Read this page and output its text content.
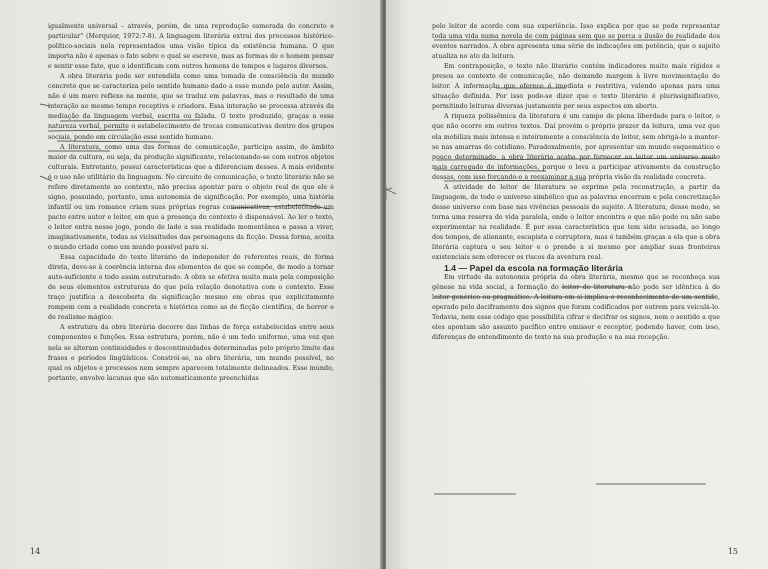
igualmente universal – através, porém, de uma reprodução esmerada do concreto e particular" (Merquior, 1972:7-8). A linguagem literária extrai dos processos histórico-político-sociais nela representados uma visão típica da existência humana. O que importa não é apenas o fato sobre o qual se escreve, mas as formas de o homem pensar e sentir esse fato, que o identificam com outros homens de tempos e lugares diversos.

A obra literária pode ser entendida como uma tomada de consciência do mundo concreto que se caracteriza pelo sentido humano dado a esse mundo pelo autor. Assim, não é um mero reflexo na mente, que se traduz em palavras, mas o resultado de uma interação ao mesmo tempo receptiva e criadora. Essa interação se processa através da mediação da linguagem verbal, escrita ou falada. O texto produzido, graças a essa natureza verbal, permite o estabelecimento de trocas comunicativas dentro dos grupos sociais, pondo em circulação esse sentido humano.

A literatura, como uma das formas de comunicação, participa assim, do âmbito maior da cultura, ou seja, da produção significante, relacionando-se com outros objetos culturais. Entretanto, possui características que a diferenciam desses. A mais evidente é o uso não utilitário da linguagem. No circuito de comunicação, o texto literário não se refere diretamente ao contexto, não precisa apontar para o objeto real de que ele é signo, possuindo, portanto, uma autonomia de significação. Por exemplo, uma história infantil ou um romance criam suas próprias regras comunicativas, estabelecendo um pacto entre autor e leitor, em que a presença do contexto é dispensável. Ao ler o texto, o leitor entra nesse jogo, pondo de lado a sua realidade momentânea e passa a viver, imaginativamente, todas as vicissitudes das personagens da ficção. Dessa forma, aceita o mundo criado como um mundo possível para si.

Essa capacidade do texto literário de independer de referentes reais, de forma direta, deve-se à coerência interna dos elementos de que se compõe, de modo a tornar auto-suficiente o todo assim estruturado. A obra se efetiva muito mais pela composição de seus elementos estruturais do que pela relação denotativa com o contexto. Esse traço justifica a descoberta da significação mesmo em obras que explicitamente rompem com a realidade concreta e histórica como as de ficção científica, de horror e de realismo mágico.

A estrutura da obra literária decorre das linhas de força estabelecidas entre seus componentes e funções. Essa estrutura, porém, não é um todo uniforme, uma vez que nela se alteram continuidades e descontinuidades determinadas pelo próprio limite das frases e períodos lingüísticos. Constrói-se, na obra literária, um mundo possível, no qual os objetos e processos nem sempre aparecem totalmente delineados. Esse mundo, portanto, envolve lacunas que são automaticamente preenchidas

14

pelo leitor de acordo com sua experiência. Isso explica por que se pode representar toda uma vida numa novela de com páginas sem que se perca a ilusão de realidade dos eventos narrados. A obra apresenta uma série de indicações em potência, que o sujeito atualiza no ato da leitura.

Em contraposição, o texto não literário contém indicadores muito mais rígidos e presos ao contexto de comunicação, não deixando margem à livre movimentação do leitor. A informação que oferece é imediata e restritiva, valendo apenas para uma situação definida. Por isso pode-se dizer que o texto literário é plurissignificativo, permitindo leituras diversas justamente por seus aspectos em aberto.

A riqueza polissêmica da literatura é um campo de plena liberdade para o leitor, o que não ocorre em outros textos. Daí provém o próprio prazer da leitura, uma vez que ela mobiliza mais intensa e inteiramente a consciência do leitor, sem obrigá-lo a manter-se nas amarras do cotidiano. Paradoxalmente, por apresentar um mundo esquemático e pouco determinado, a obra literária acaba por fornecer ao leitor um universo muito mais carregado de informações, porque o leva a participar ativamente da construção dessas, com isso forçando-o a reexaminar a sua própria visão da realidade concreta.

A atividade do leitor de literatura se exprime pela reconstrução, a partir da linguagem, de todo o universo simbólico que as palavras encerram e pela concretização desse universo com base nas vivências pessoais do sujeito. A literatura, desse modo, se torna uma reserva de vida paralela, onde o leitor encontra o que não pode ou não sabe experimentar na realidade. É por essa característica que tem sido acusada, ao longo dos tempos, de alienante, escapista e corruptora, mas é também graças a ela que a obra literária captura o seu leitor e o prende a si mesmo por ampliar suas fronteiras existenciais sem oferecer os riscos da aventura real.

1.4 — Papel da escola na formação literária

Em virtude da autonomia própria da obra literária, mesmo que se reconheça sua gênese na vida social, a formação do leitor de literatura não pode ser idêntica à do leitor genérico ou pragmático. A leitura em si implica o reconhecimento de um sentido, operado pelo deciframento dos signos que foram codificados por outrem para veiculá-lo. Todavia, nem esse código que possibilita cifrar e decifrar os signos, nem o sentido a que eles apontam são assunto pacífico entre emissor e receptor, podendo haver, com isso, diferenças de entendimento do texto na sua produção e na sua recepção.

15
